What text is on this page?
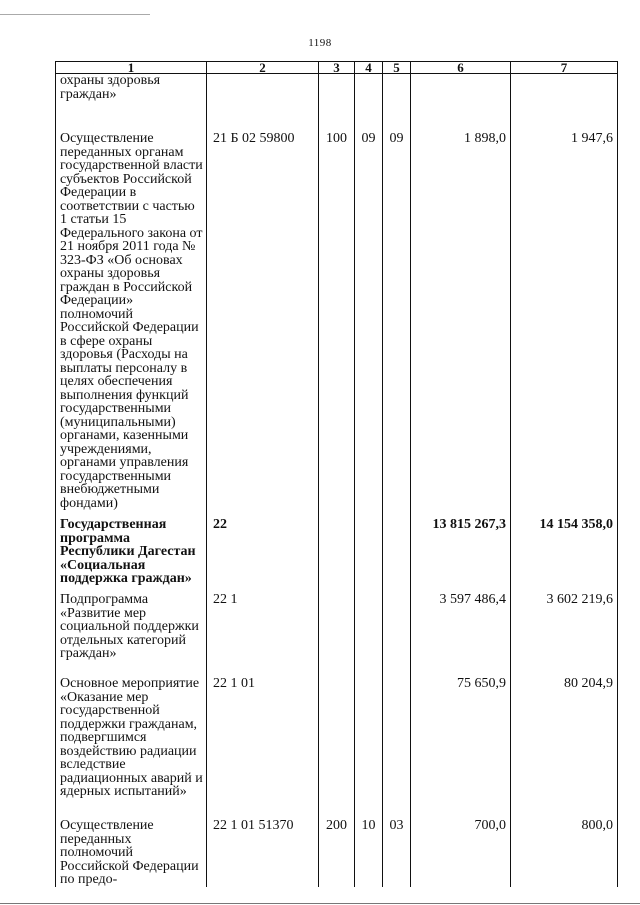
1198
1	2	3	4	5	6	7
охраны здоровья граждан»						
Осуществление переданных органам государственной власти субъектов Российской Федерации в соответствии с частью 1 статьи 15 Федерального закона от 21 ноября 2011 года № 323-ФЗ «Об основах охраны здоровья граждан в Российской Федерации» полномочий Российской Федерации в сфере охраны здоровья (Расходы на выплаты персоналу в целях обеспечения выполнения функций государственными (муниципальными) органами, казенными учреждениями, органами управления государственными внебюджетными фондами)	21 Б 02 59800	100	09	09	1 898,0	1 947,6
Государственная программа Республики Дагестан «Социальная поддержка граждан»	22				13 815 267,3	14 154 358,0
Подпрограмма «Развитие мер социальной поддержки отдельных категорий граждан»	22 1				3 597 486,4	3 602 219,6
Основное мероприятие «Оказание мер государственной поддержки гражданам, подвергшимся воздействию радиации вследствие радиационных аварий и ядерных испытаний»	22 1 01				75 650,9	80 204,9
Осуществление переданных полномочий Российской Федерации по предо-	22 1 01 51370	200	10	03	700,0	800,0
